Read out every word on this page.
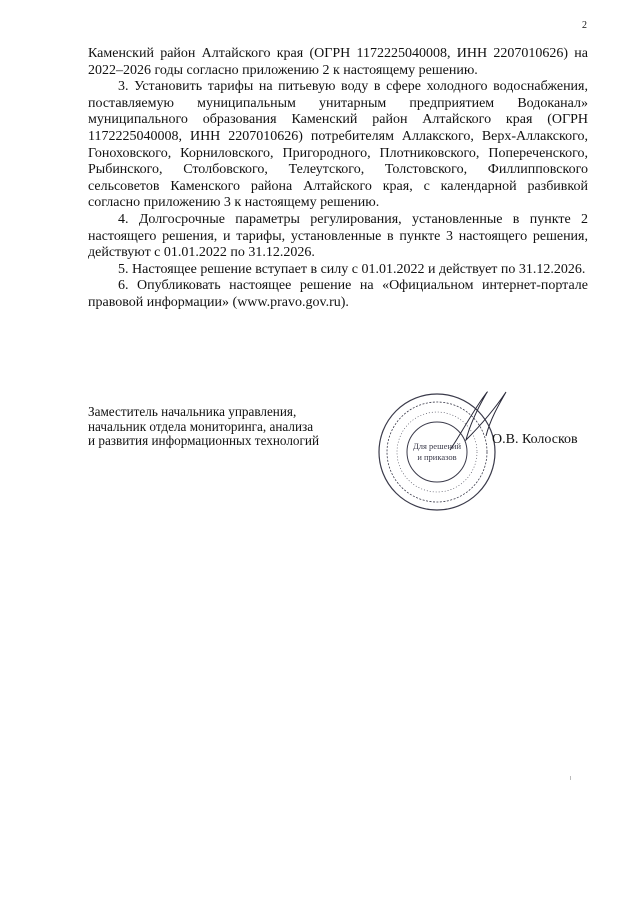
2

Каменский район Алтайского края (ОГРН 1172225040008, ИНН 2207010626) на 2022–2026 годы согласно приложению 2 к настоящему решению.

3. Установить тарифы на питьевую воду в сфере холодного водоснабжения, поставляемую муниципальным унитарным предприятием Водоканал» муниципального образования Каменский район Алтайского края (ОГРН 1172225040008, ИНН 2207010626) потребителям Аллакского, Верх-Аллакского, Гоноховского, Корниловского, Пригородного, Плотниковского, Попереченского, Рыбинского, Столбовского, Телеутского, Толстовского, Филлипповского сельсоветов Каменского района Алтайского края, с календарной разбивкой согласно приложению 3 к настоящему решению.

4. Долгосрочные параметры регулирования, установленные в пункте 2 настоящего решения, и тарифы, установленные в пункте 3 настоящего решения, действуют с 01.01.2022 по 31.12.2026.

5. Настоящее решение вступает в силу с 01.01.2022 и действует по 31.12.2026.

6. Опубликовать настоящее решение на «Официальном интернет-портале правовой информации» (www.pravo.gov.ru).

Заместитель начальника управления,
начальник отдела мониторинга, анализа
и развития информационных технологий	Для решений
и приказов
О.В. Колосков
